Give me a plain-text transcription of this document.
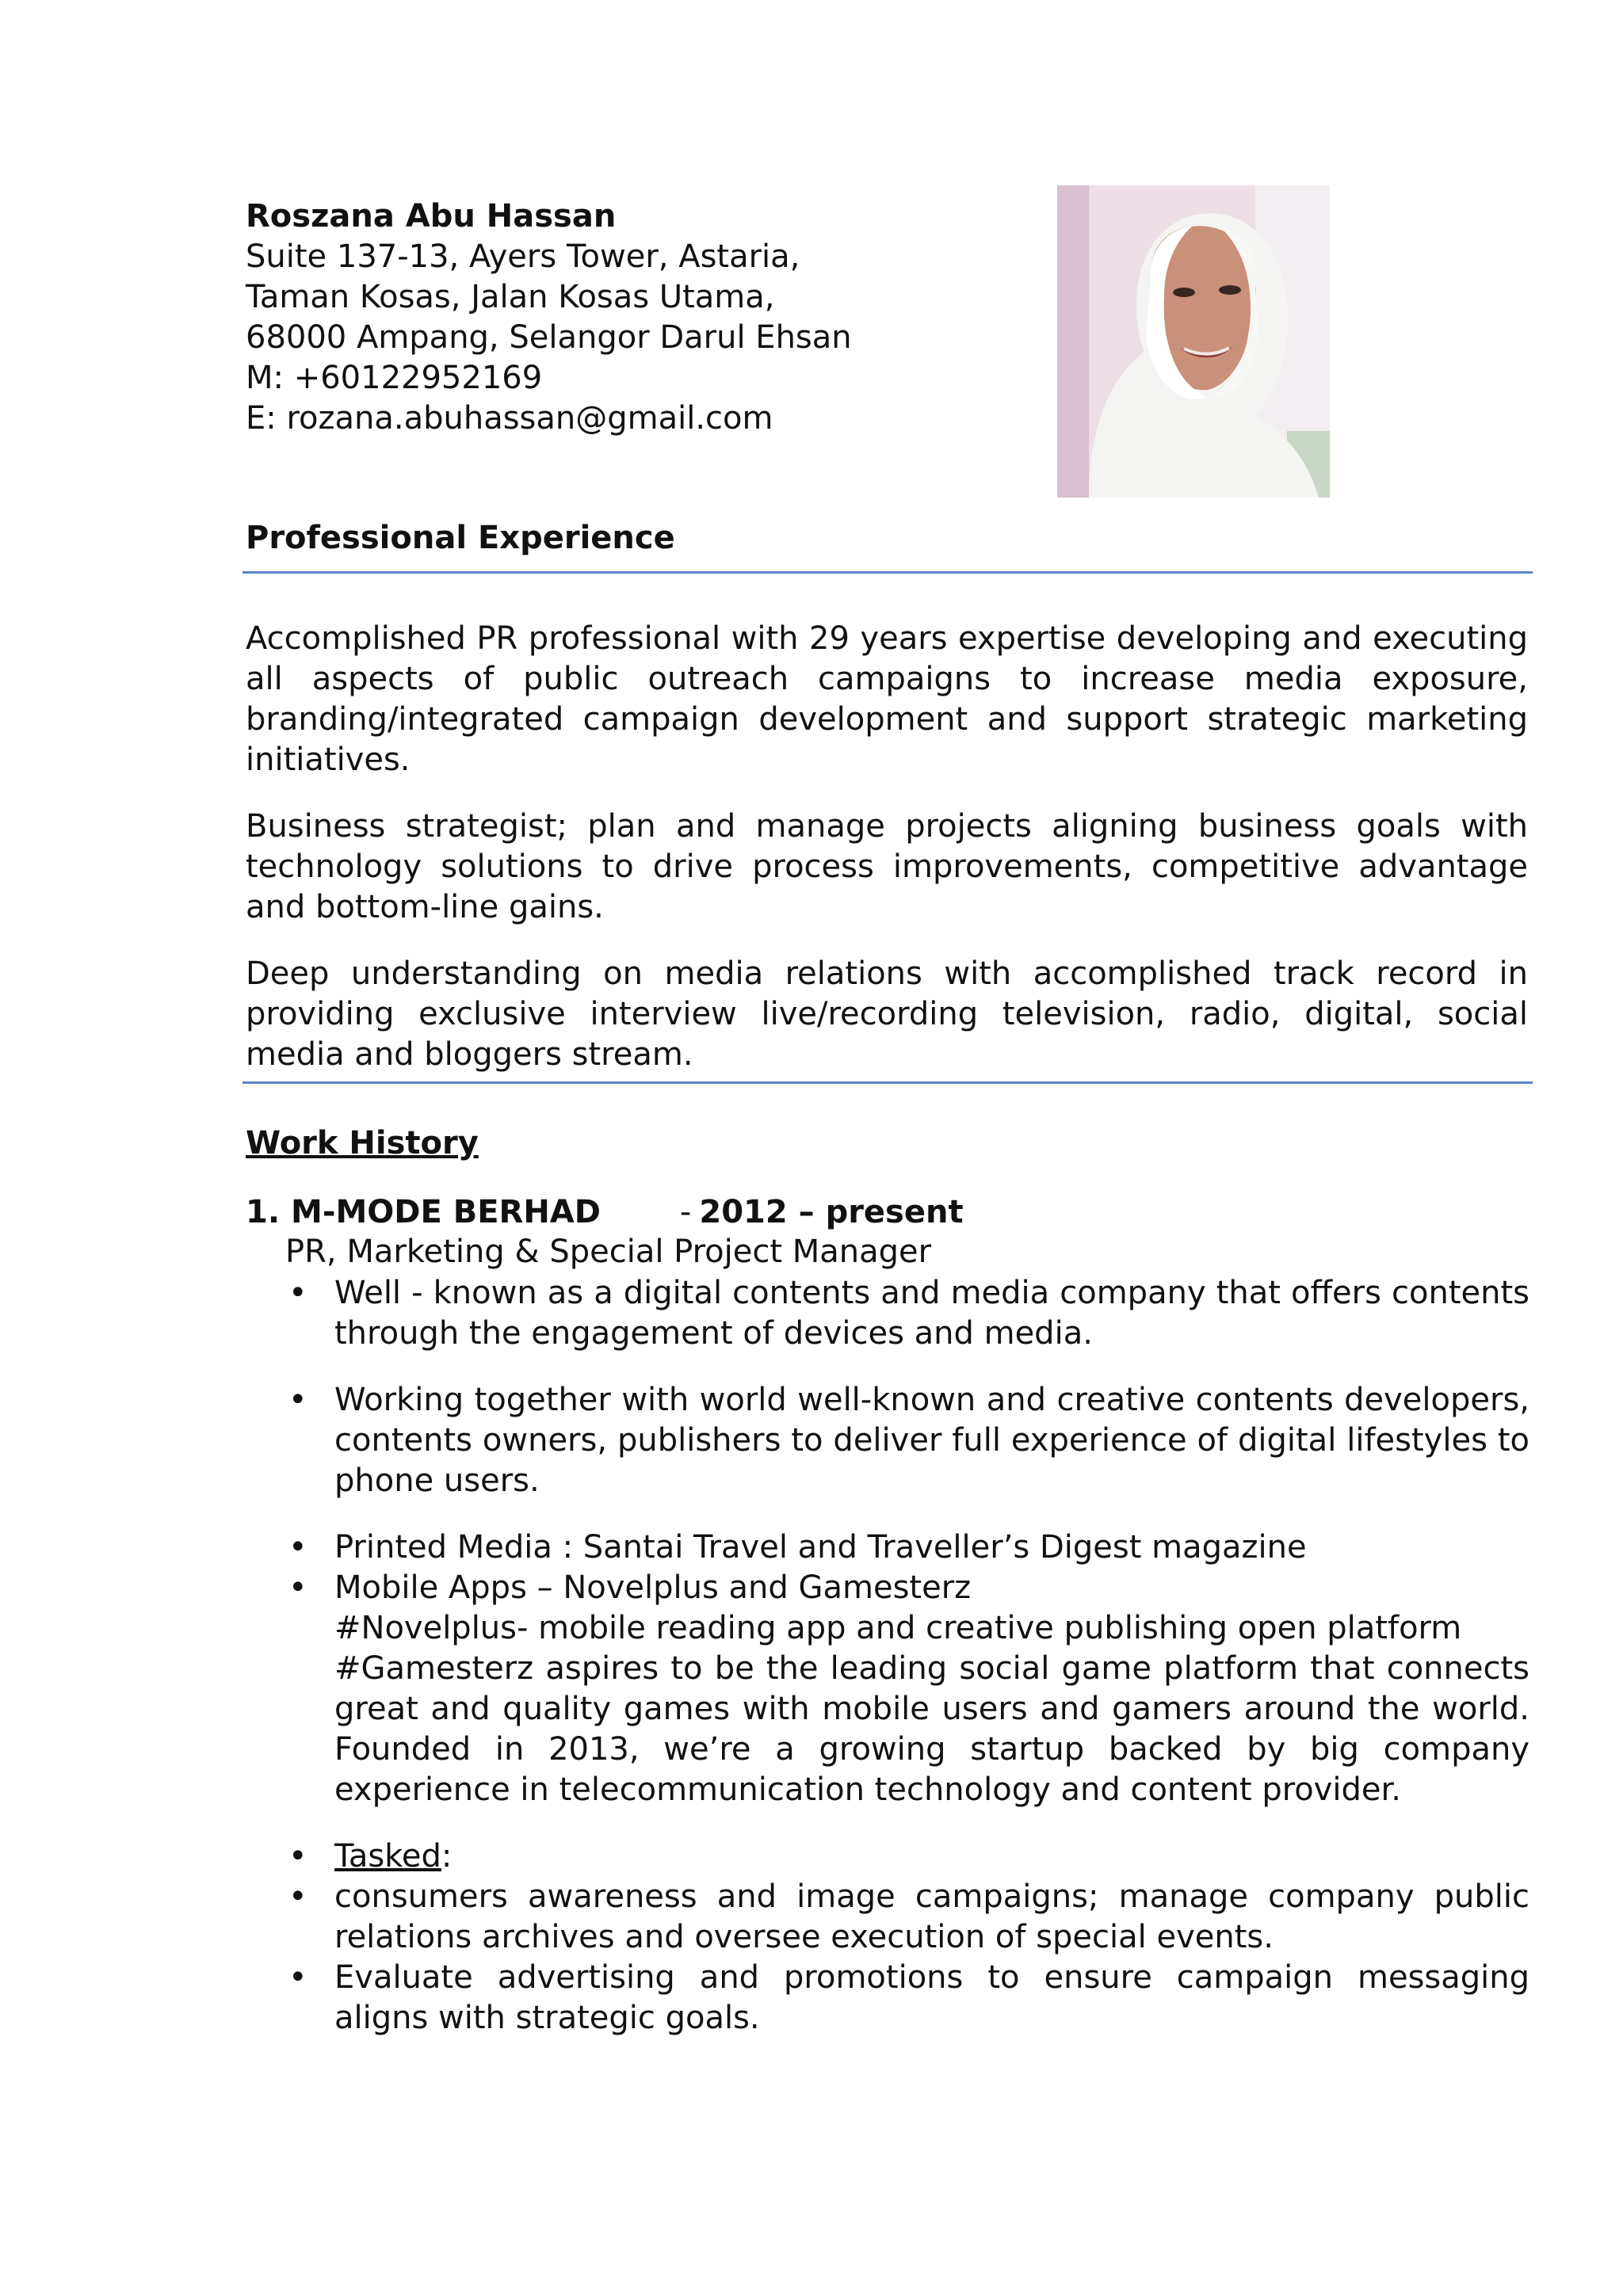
Roszana Abu Hassan
Suite 137-13, Ayers Tower, Astaria,
Taman Kosas, Jalan Kosas Utama,
68000 Ampang, Selangor Darul Ehsan
M: +60122952169
E: rozana.abuhassan@gmail.com
Professional Experience

Accomplished PR professional with 29 years expertise developing and executing all aspects of public outreach campaigns to increase media exposure, branding/integrated campaign development and support strategic marketing initiatives.

Business strategist; plan and manage projects aligning business goals with technology solutions to drive process improvements, competitive advantage and bottom-line gains.

Deep understanding on media relations with accomplished track record in providing exclusive interview live/recording television, radio, digital, social media and bloggers stream.

Work History
1. M-MODE BERHAD	- 2012 – present
PR, Marketing & Special Project Manager
• Well - known as a digital contents and media company that offers contents through the engagement of devices and media.
• Working together with world well-known and creative contents developers, contents owners, publishers to deliver full experience of digital lifestyles to phone users.
• Printed Media : Santai Travel and Traveller’s Digest magazine
• Mobile Apps – Novelplus and Gamesterz
#Novelplus- mobile reading app and creative publishing open platform
#Gamesterz aspires to be the leading social game platform that connects great and quality games with mobile users and gamers around the world. Founded in 2013, we’re a growing startup backed by big company experience in telecommunication technology and content provider.
• Tasked:
• consumers awareness and image campaigns; manage company public relations archives and oversee execution of special events.
• Evaluate advertising and promotions to ensure campaign messaging aligns with strategic goals.
